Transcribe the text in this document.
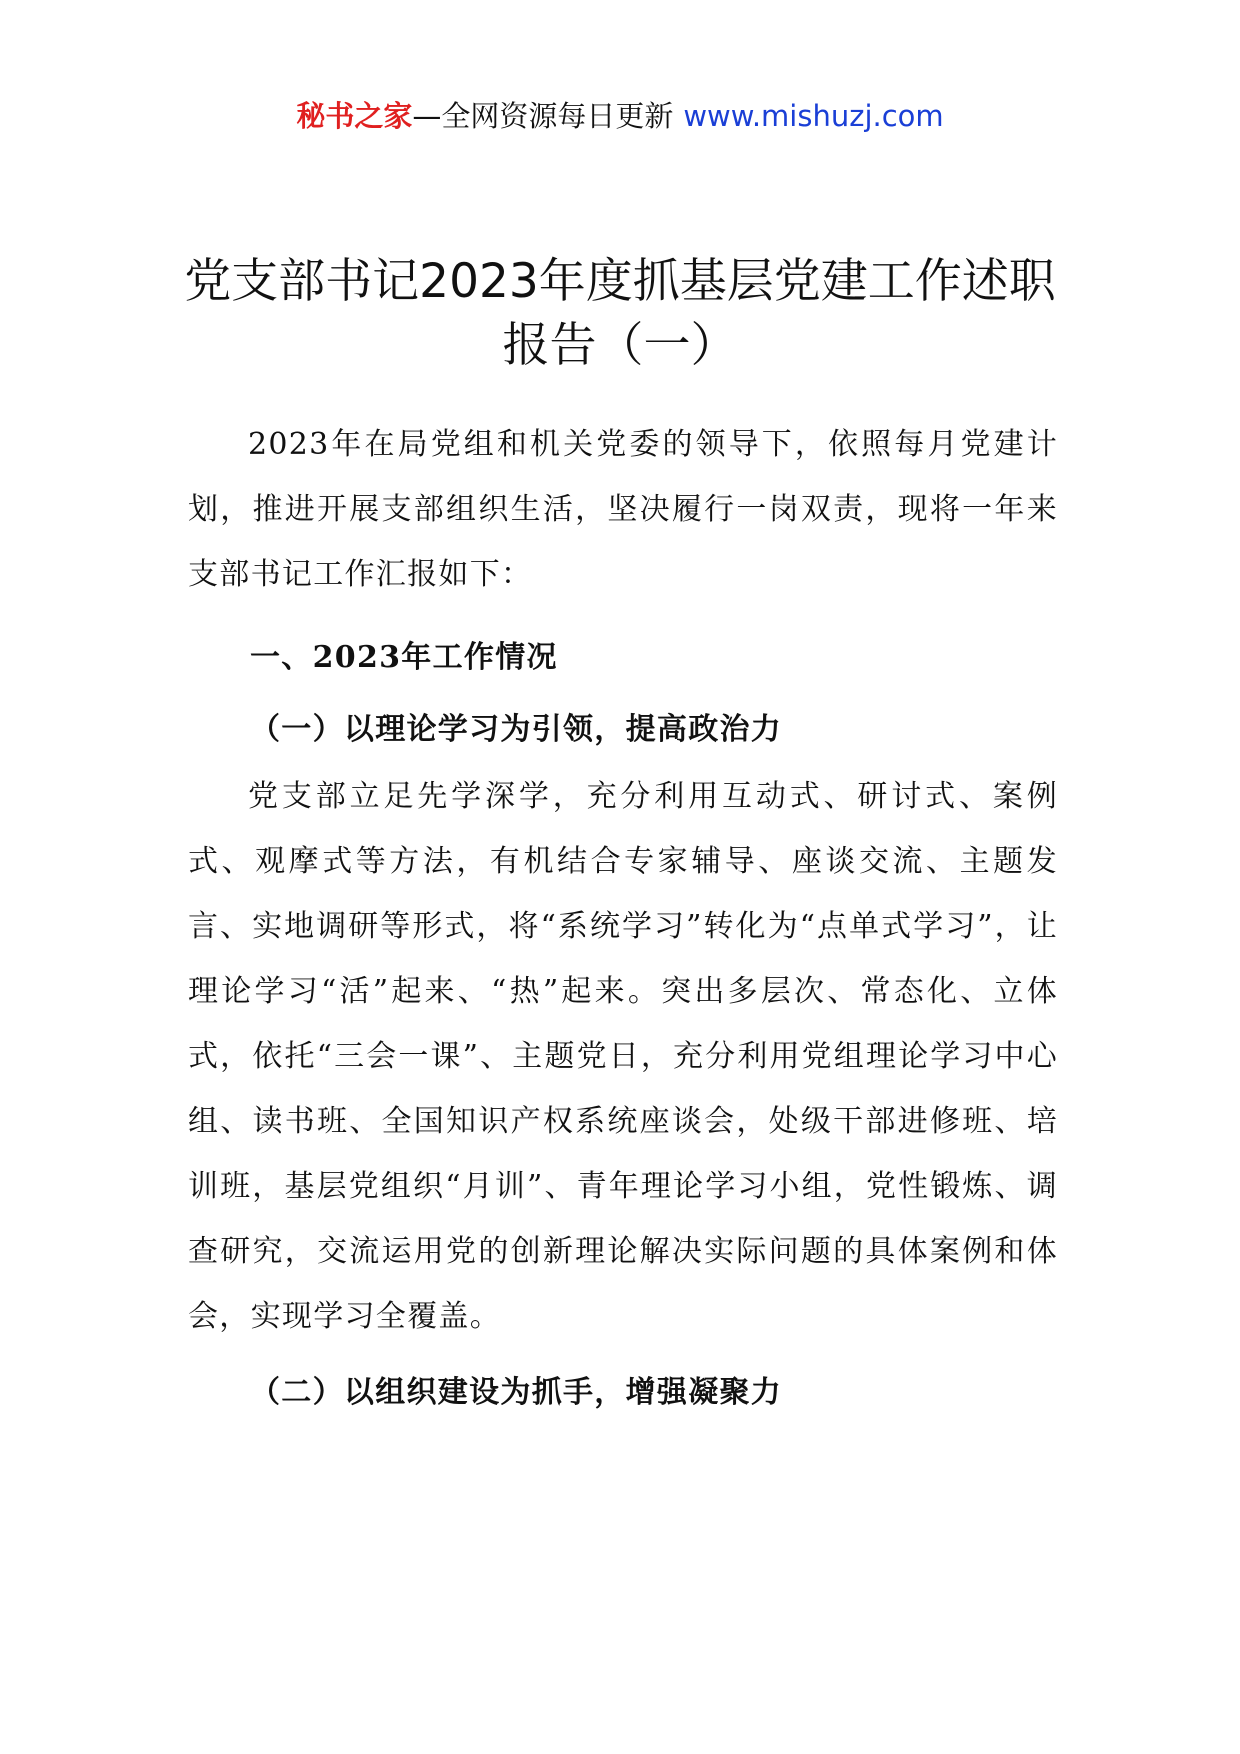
秘书之家—全网资源每日更新 www.mishuzj.com
党支部书记2023年度抓基层党建工作述职
报告（一）

2023年在局党组和机关党委的领导下，依照每月党建计划，推进开展支部组织生活，坚决履行一岗双责，现将一年来支部书记工作汇报如下：

一、2023年工作情况

（一）以理论学习为引领，提高政治力

党支部立足先学深学，充分利用互动式、研讨式、案例式、观摩式等方法，有机结合专家辅导、座谈交流、主题发言、实地调研等形式，将“系统学习”转化为“点单式学习”，让理论学习“活”起来、“热”起来。突出多层次、常态化、立体式，依托“三会一课”、主题党日，充分利用党组理论学习中心组、读书班、全国知识产权系统座谈会，处级干部进修班、培训班，基层党组织“月训”、青年理论学习小组，党性锻炼、调查研究，交流运用党的创新理论解决实际问题的具体案例和体会，实现学习全覆盖。

（二）以组织建设为抓手，增强凝聚力
